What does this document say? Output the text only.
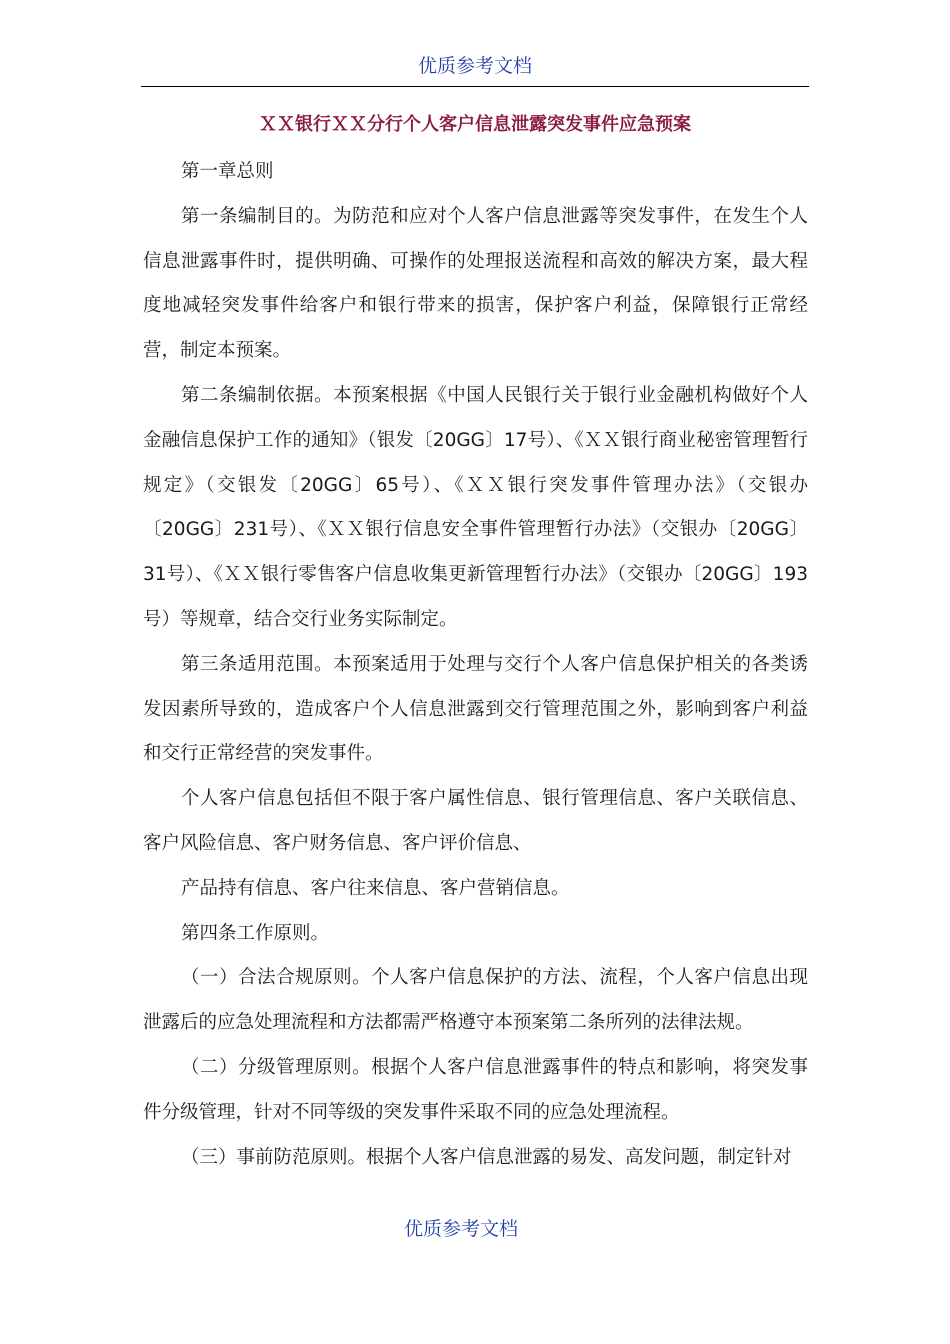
优质参考文档
ＸＸ银行ＸＸ分行个人客户信息泄露突发事件应急预案

第一章总则

第一条编制目的。为防范和应对个人客户信息泄露等突发事件，在发生个人信息泄露事件时，提供明确、可操作的处理报送流程和高效的解决方案，最大程度地减轻突发事件给客户和银行带来的损害，保护客户利益，保障银行正常经营，制定本预案。

第二条编制依据。本预案根据《中国人民银行关于银行业金融机构做好个人金融信息保护工作的通知》（银发〔20GG〕17号）、《ＸＸ银行商业秘密管理暂行规定》（交银发〔20GG〕65号）、《ＸＸ银行突发事件管理办法》（交银办〔20GG〕231号）、《ＸＸ银行信息安全事件管理暂行办法》（交银办〔20GG〕31号）、《ＸＸ银行零售客户信息收集更新管理暂行办法》（交银办〔20GG〕193号）等规章，结合交行业务实际制定。

第三条适用范围。本预案适用于处理与交行个人客户信息保护相关的各类诱发因素所导致的，造成客户个人信息泄露到交行管理范围之外，影响到客户利益和交行正常经营的突发事件。

个人客户信息包括但不限于客户属性信息、银行管理信息、客户关联信息、客户风险信息、客户财务信息、客户评价信息、

产品持有信息、客户往来信息、客户营销信息。

第四条工作原则。

（一）合法合规原则。个人客户信息保护的方法、流程，个人客户信息出现泄露后的应急处理流程和方法都需严格遵守本预案第二条所列的法律法规。

（二）分级管理原则。根据个人客户信息泄露事件的特点和影响，将突发事件分级管理，针对不同等级的突发事件采取不同的应急处理流程。

（三）事前防范原则。根据个人客户信息泄露的易发、高发问题，制定针对

优质参考文档
